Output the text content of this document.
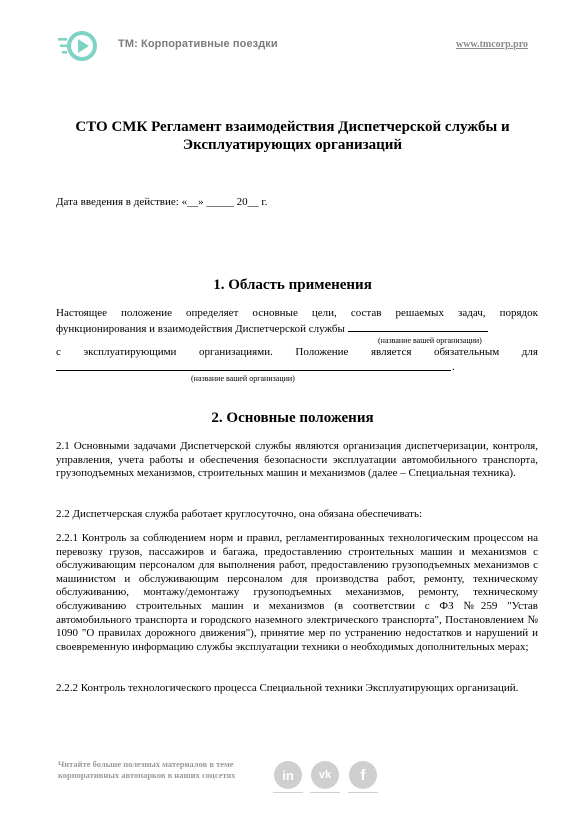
ТМ: Корпоративные поездки	www.tmcorp.pro
СТО СМК Регламент взаимодействия Диспетчерской службы и
Эксплуатирующих организаций
Дата введения в действие: «__» _____ 20__ г.
1. Область применения
Настоящее положение определяет основные цели, состав решаемых задач, порядок функционирования и взаимодействия Диспетчерской службы
(название вашей организации)
с эксплуатирующими организациями. Положение является обязательным для
.
(название вашей организации)
2. Основные положения
2.1 Основными задачами Диспетчерской службы являются организация диспетчеризации, контроля, управления, учета работы и обеспечения безопасности эксплуатации автомобильного транспорта, грузоподъемных механизмов, строительных машин и механизмов (далее – Специальная техника).
2.2 Диспетчерская служба работает круглосуточно, она обязана обеспечивать:
2.2.1 Контроль за соблюдением норм и правил, регламентированных технологическим процессом на перевозку грузов, пассажиров и багажа, предоставлению строительных машин и механизмов с обслуживающим персоналом для выполнения работ, предоставлению грузоподъемных механизмов с машинистом и обслуживающим персоналом для производства работ, ремонту, техническому обслуживанию, монтажу/демонтажу грузоподъемных механизмов, ремонту, техническому обслуживанию строительных машин и механизмов (в соответствии с ФЗ №259 "Устав автомобильного транспорта и городского наземного электрического транспорта", Постановлением № 1090 "О правилах дорожного движения"), принятие мер по устранению недостатков и нарушений и своевременную информацию службы эксплуатации техники о необходимых дополнительных мерах;
2.2.2 Контроль технологического процесса Специальной техники Эксплуатирующих организаций.
Читайте больше полезных материалов в теме
корпоративных автопарков в наших соцсетях	in vk f
